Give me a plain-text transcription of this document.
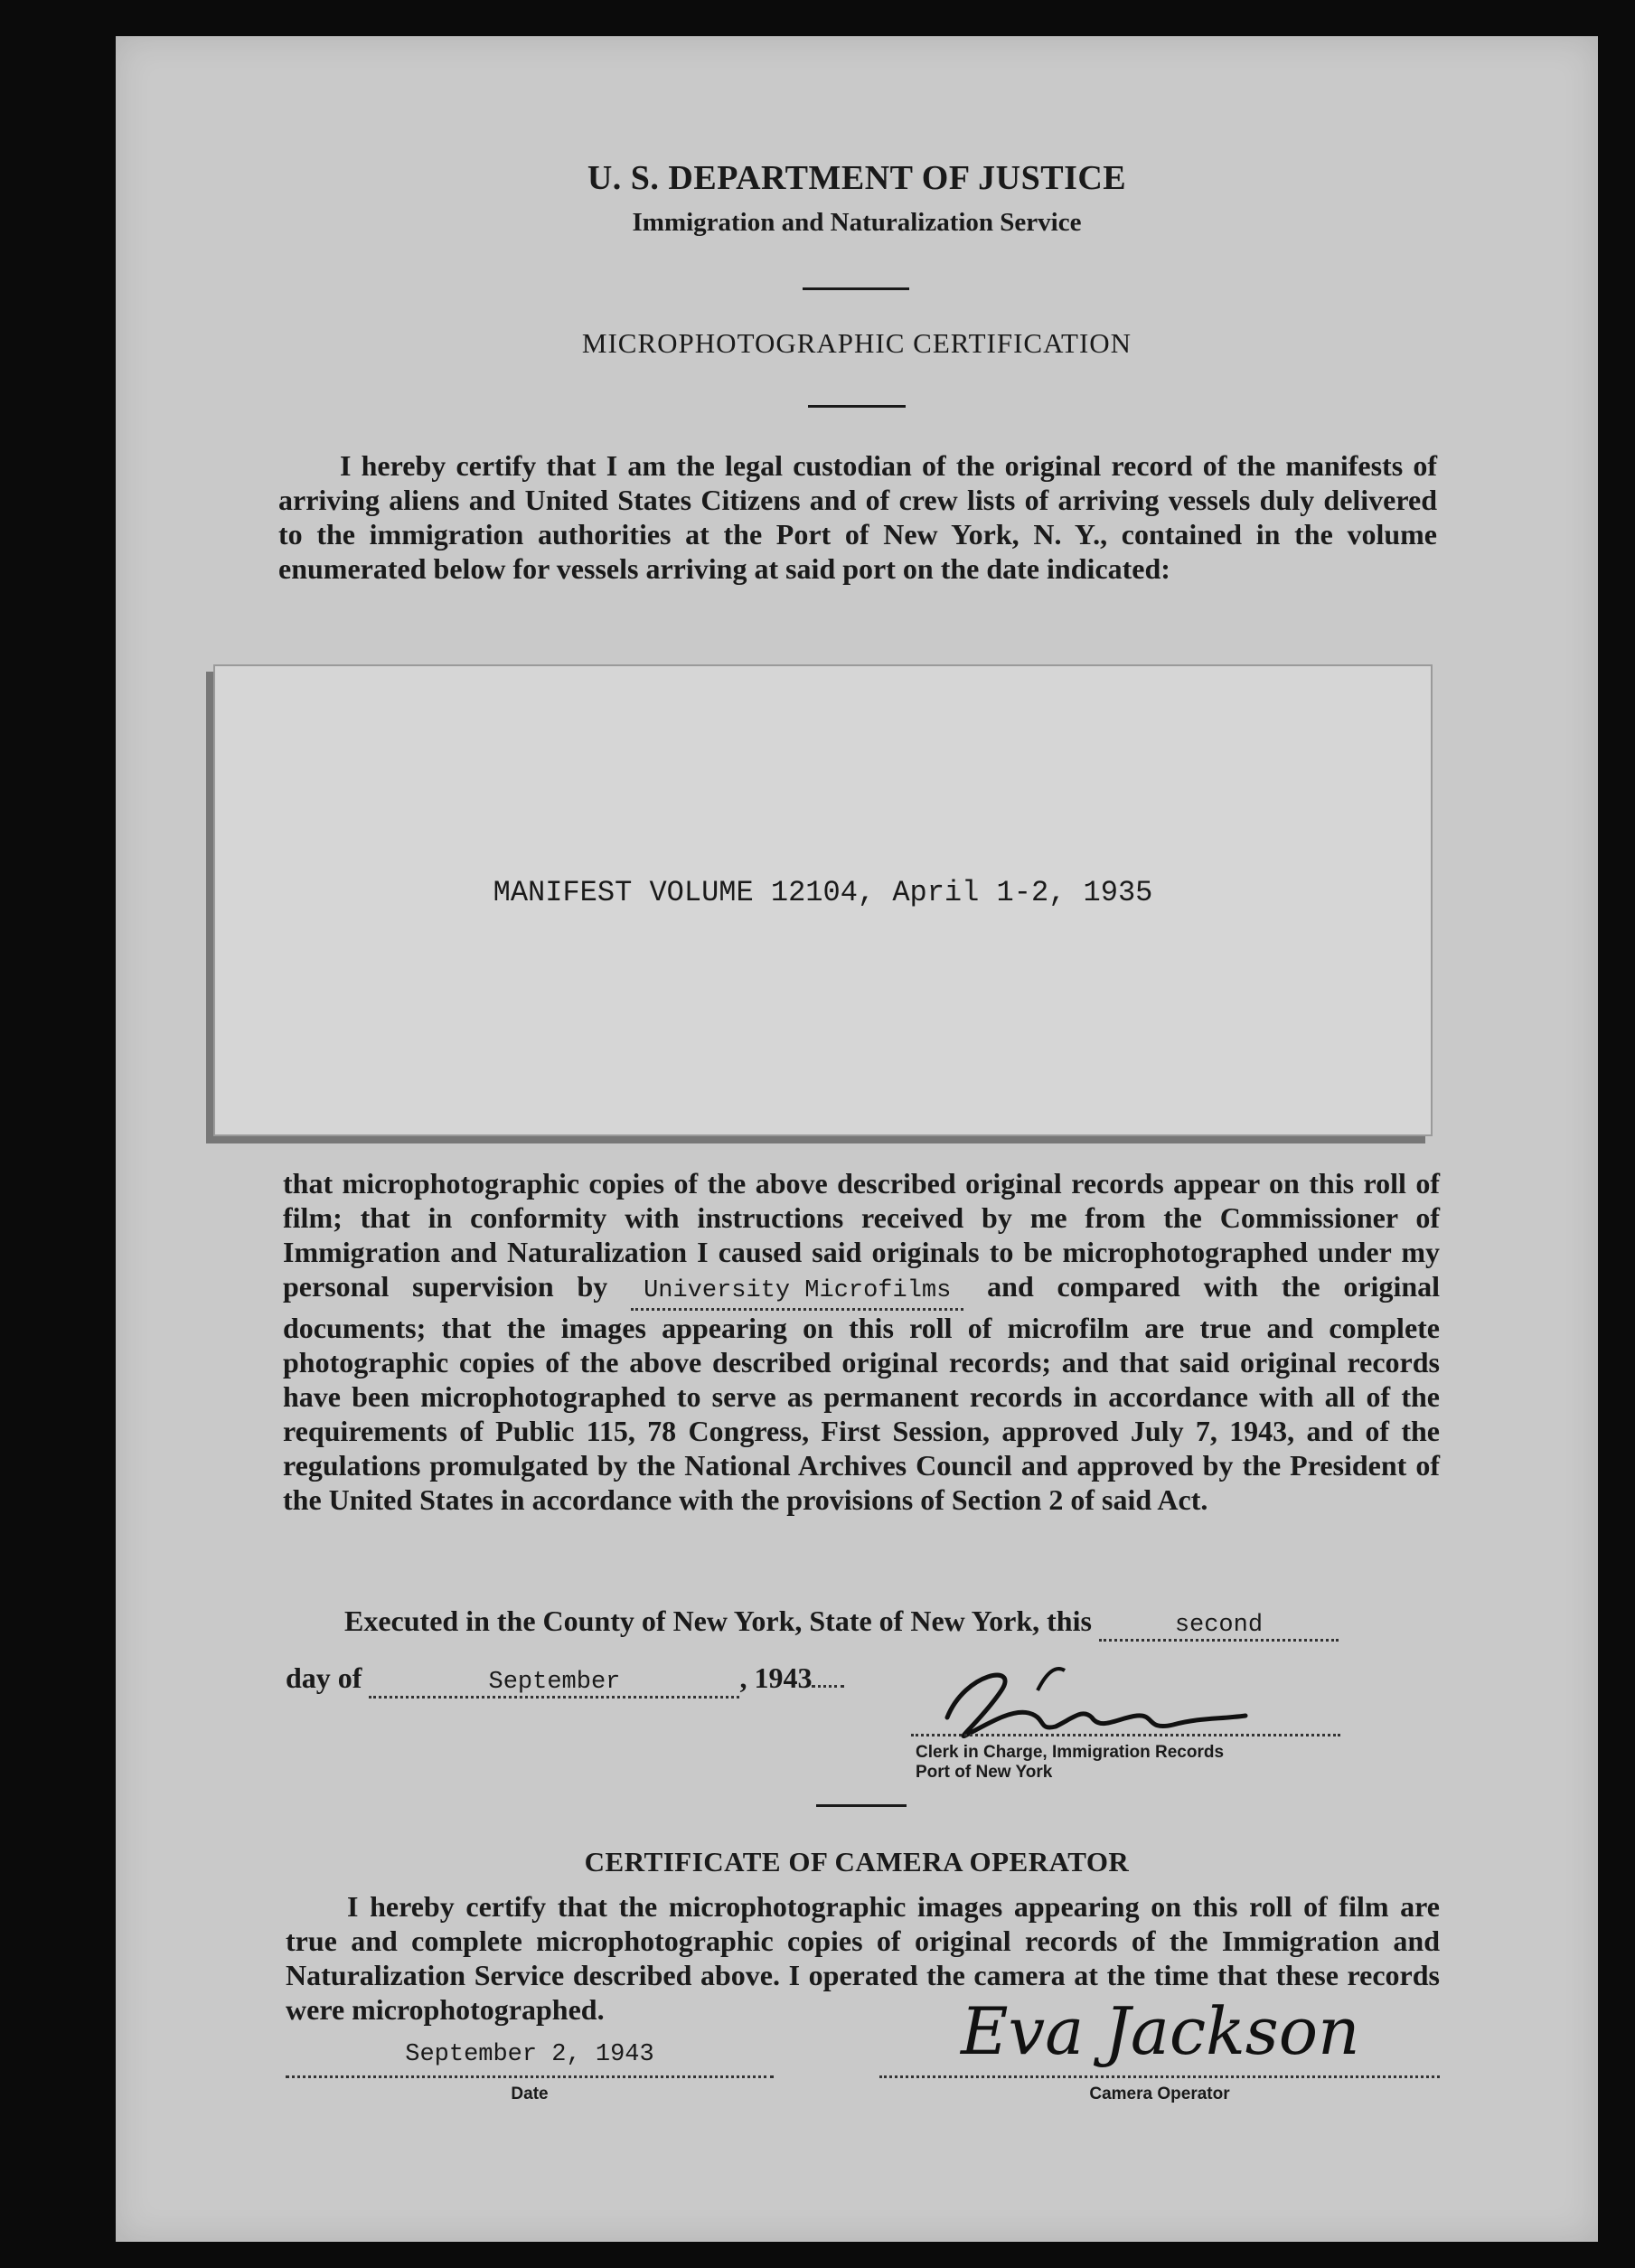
U. S. DEPARTMENT OF JUSTICE
Immigration and Naturalization Service
MICROPHOTOGRAPHIC CERTIFICATION

I hereby certify that I am the legal custodian of the original record of the manifests of arriving aliens and United States Citizens and of crew lists of arriving vessels duly delivered to the immigration authorities at the Port of New York, N. Y., contained in the volume enumerated below for vessels arriving at said port on the date indicated:

MANIFEST VOLUME 12104, April 1-2, 1935
that microphotographic copies of the above described original records appear on this roll of film; that in conformity with instructions received by me from the Commissioner of Immigration and Naturalization I caused said originals to be microphotographed under my personal supervision by University Microfilms and compared with the original documents; that the images appearing on this roll of microfilm are true and complete photographic copies of the above described original records; and that said original records have been microphotographed to serve as permanent records in accordance with all of the requirements of Public 115, 78 Congress, First Session, approved July 7, 1943, and of the regulations promulgated by the National Archives Council and approved by the President of the United States in accordance with the provisions of Section 2 of said Act.
Executed in the County of New York, State of New York, this	second
day of	September	, 1943
Clerk in Charge, Immigration Records
Port of New York
CERTIFICATE OF CAMERA OPERATOR

I hereby certify that the microphotographic images appearing on this roll of film are true and complete microphotographic copies of original records of the Immigration and Naturalization Service described above. I operated the camera at the time that these records were microphotographed.

September 2, 1943
Date
Eva Jackson
Camera Operator
